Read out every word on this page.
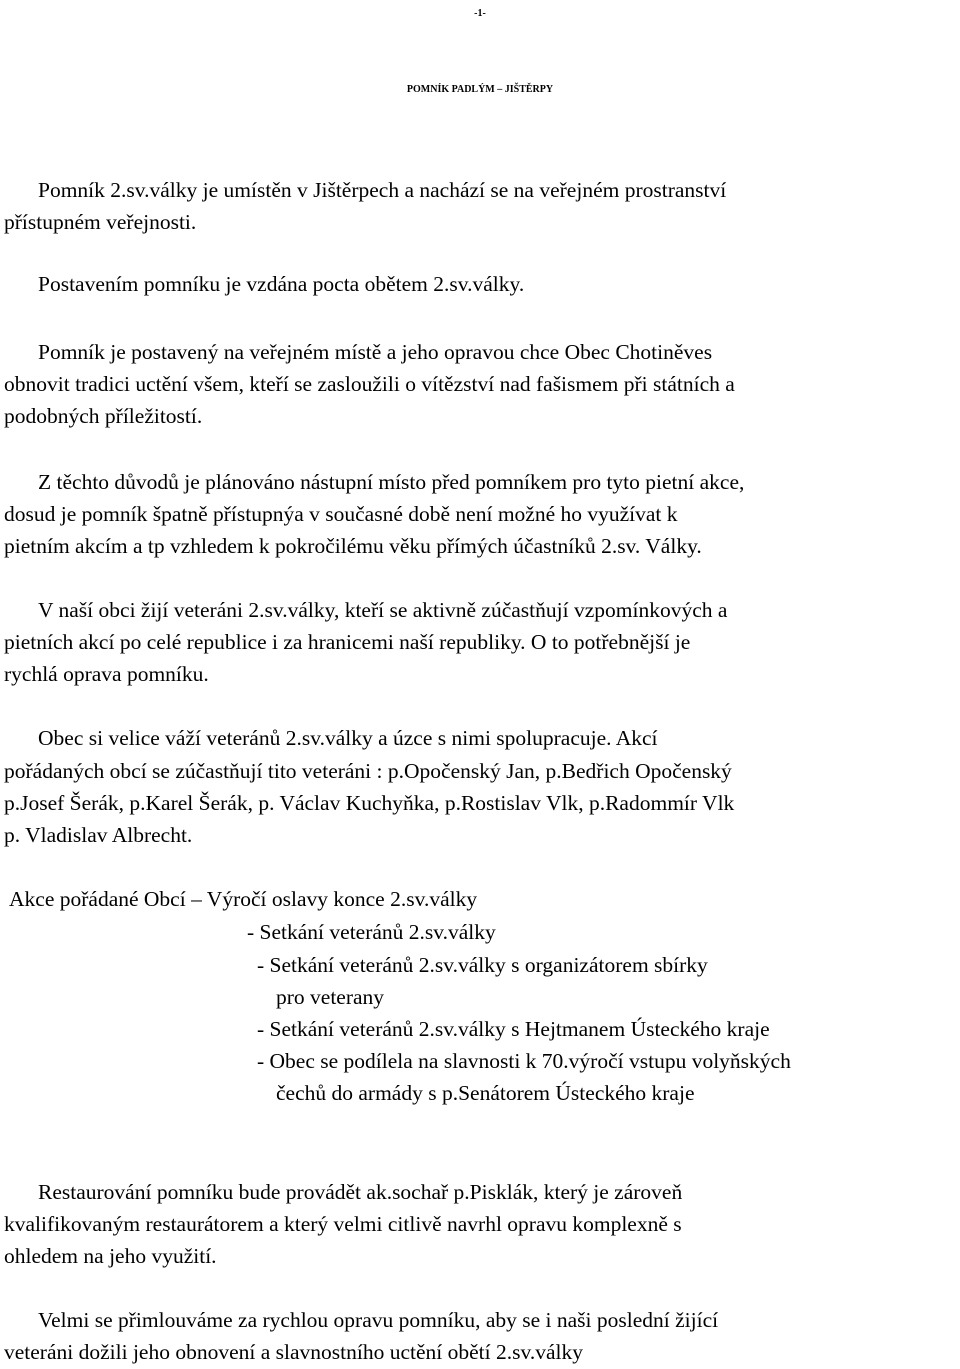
-1-
POMNÍK PADLÝM – JIŠTĚRPY
Pomník 2.sv.války je umístěn v Jištěrpech a nachází se na veřejném prostranství
přístupném veřejnosti.
Postavením pomníku je vzdána pocta obětem 2.sv.války.
Pomník je postavený na veřejném místě a jeho opravou chce Obec Chotiněves
obnovit tradici uctění všem, kteří se zasloužili o vítězství nad fašismem při státních a
podobných příležitostí.
Z těchto důvodů je plánováno nástupní místo před pomníkem pro tyto pietní akce,
dosud je pomník špatně přístupnýa v současné době není možné ho využívat k
pietním akcím a tp vzhledem k pokročilému věku přímých účastníků 2.sv. Války.
V naší obci žijí veteráni 2.sv.války, kteří se aktivně zúčastňují vzpomínkových a
pietních akcí po celé republice i za hranicemi naší republiky. O to potřebnější je
rychlá oprava pomníku.
Obec si velice váží veteránů 2.sv.války a úzce s nimi spolupracuje. Akcí
pořádaných obcí se zúčastňují tito veteráni : p.Opočenský Jan, p.Bedřich Opočenský
p.Josef Šerák, p.Karel Šerák, p. Václav Kuchyňka, p.Rostislav Vlk, p.Radommír Vlk
p. Vladislav Albrecht.
Akce pořádané Obcí – Výročí oslavy konce 2.sv.války
- Setkání veteránů 2.sv.války
- Setkání veteránů 2.sv.války s organizátorem sbírky
pro veterany
- Setkání veteránů 2.sv.války s Hejtmanem Ústeckého kraje
- Obec se podílela na slavnosti k 70.výročí vstupu volyňských
čechů do armády s p.Senátorem Ústeckého kraje
Restaurování pomníku bude provádět ak.sochař p.Pisklák, který je zároveň
kvalifikovaným restaurátorem a který velmi citlivě navrhl opravu komplexně s
ohledem na jeho využití.
Velmi se přimlouváme za rychlou opravu pomníku, aby se i naši poslední žijící
veteráni dožili jeho obnovení a slavnostního uctění obětí 2.sv.války
